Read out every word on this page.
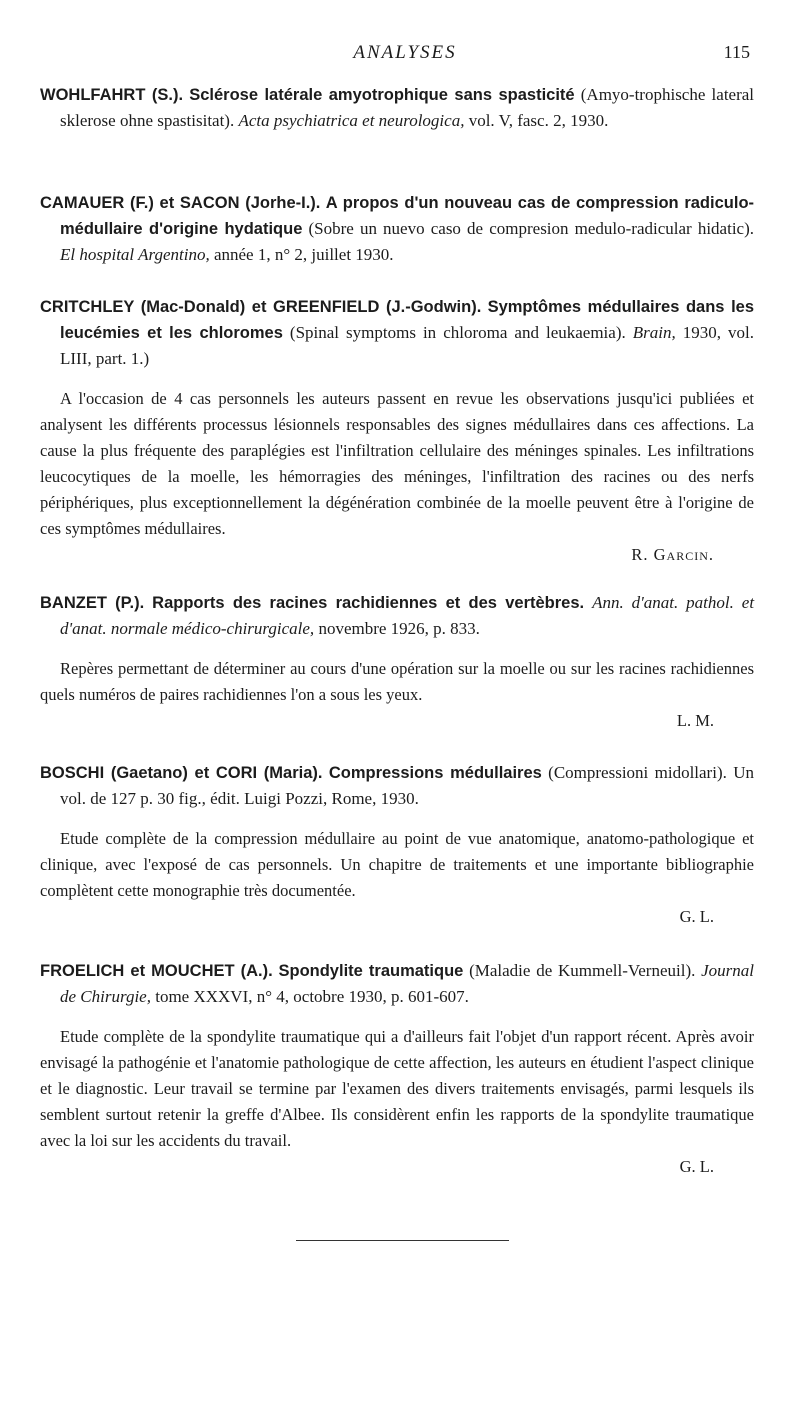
ANALYSES	115

WOHLFAHRT (S.). Sclérose latérale amyotrophique sans spasticité (Amyo-trophische lateral sklerose ohne spastisitat). Acta psychiatrica et neurologica, vol. V, fasc. 2, 1930.

CAMAUER (F.) et SACON (Jorhe-I.). A propos d'un nouveau cas de compression radiculo-médullaire d'origine hydatique (Sobre un nuevo caso de compresion medulo-radicular hidatic). El hospital Argentino, année 1, n° 2, juillet 1930.

CRITCHLEY (Mac-Donald) et GREENFIELD (J.-Godwin). Symptômes médullaires dans les leucémies et les chloromes (Spinal symptoms in chloroma and leukaemia). Brain, 1930, vol. LIII, part. 1.)

A l'occasion de 4 cas personnels les auteurs passent en revue les observations jusqu'ici publiées et analysent les différents processus lésionnels responsables des signes médullaires dans ces affections. La cause la plus fréquente des paraplégies est l'infiltration cellulaire des méninges spinales. Les infiltrations leucocytiques de la moelle, les hémorragies des méninges, l'infiltration des racines ou des nerfs périphériques, plus exceptionnellement la dégénération combinée de la moelle peuvent être à l'origine de ces symptômes médullaires.
R. Garcin.

BANZET (P.). Rapports des racines rachidiennes et des vertèbres. Ann. d'anat. pathol. et d'anat. normale médico-chirurgicale, novembre 1926, p. 833.

Repères permettant de déterminer au cours d'une opération sur la moelle ou sur les racines rachidiennes quels numéros de paires rachidiennes l'on a sous les yeux.
L. M.

BOSCHI (Gaetano) et CORI (Maria). Compressions médullaires (Compressioni midollari). Un vol. de 127 p. 30 fig., édit. Luigi Pozzi, Rome, 1930.

Etude complète de la compression médullaire au point de vue anatomique, anatomo-pathologique et clinique, avec l'exposé de cas personnels. Un chapitre de traitements et une importante bibliographie complètent cette monographie très documentée.
G. L.

FROELICH et MOUCHET (A.). Spondylite traumatique (Maladie de Kummell-Verneuil). Journal de Chirurgie, tome XXXVI, n° 4, octobre 1930, p. 601-607.

Etude complète de la spondylite traumatique qui a d'ailleurs fait l'objet d'un rapport récent. Après avoir envisagé la pathogénie et l'anatomie pathologique de cette affection, les auteurs en étudient l'aspect clinique et le diagnostic. Leur travail se termine par l'examen des divers traitements envisagés, parmi lesquels ils semblent surtout retenir la greffe d'Albee. Ils considèrent enfin les rapports de la spondylite traumatique avec la loi sur les accidents du travail.
G. L.
